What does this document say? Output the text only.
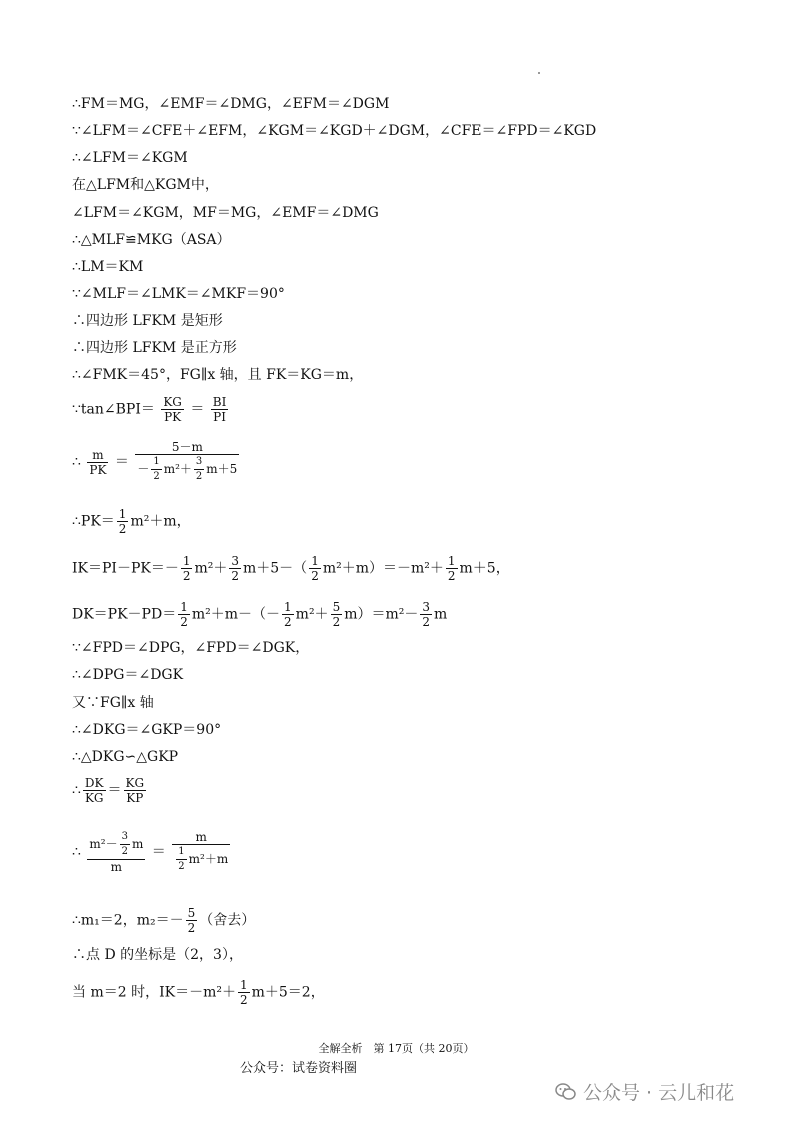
∴FM＝MG，∠EMF＝∠DMG，∠EFM＝∠DGM
∵∠LFM＝∠CFE＋∠EFM，∠KGM＝∠KGD＋∠DGM，∠CFE＝∠FPD＝∠KGD
∴∠LFM＝∠KGM
在△LFM和△KGM中，
∠LFM＝∠KGM，MF＝MG，∠EMF＝∠DMG
∴△MLF≌MKG（ASA）
∴LM＝KM
∵∠MLF＝∠LMK＝∠MKF＝90°
∴四边形 LFKM 是矩形
∴四边形 LFKM 是正方形
∴∠FMK＝45°，FG∥x 轴，且 FK＝KG＝m，
∵tan∠BPI＝ $\frac{KG}{PK} = \frac{BI}{PI}$
∴ $\frac{m}{PK} = \frac{5-m}{- \frac{1}{2} m^2+ \frac{3}{2} m+5}$
∴PK＝ $\frac{1}{2} m^2+m$，
$IK=PI-PK=- \frac{1}{2} m^2+ \frac{3}{2} m+5-( \frac{1}{2} m^2+m)=-m^2+ \frac{1}{2} m+5$，
$DK=PK-PD= \frac{1}{2} m^2+m-(- \frac{1}{2} m^2+ \frac{5}{2} m)=m^2- \frac{3}{2}$ m
∵∠FPD＝∠DPG，∠FPD＝∠DGK，
∴∠DPG＝∠DGK
又∵FG∥x 轴
∴∠DKG＝∠GKP＝90°
∴△DKG∽△GKP
∴ $\frac{DK}{KG} = \frac{KG}{KP}$
∴ $\frac{m^2- \frac{3}{2} m}{m} = \frac{m}{\frac{1}{2} m^2+m}$
∴m₁＝2，$m_2=- \frac{5}{2}$ （舍去）
∴点 D 的坐标是（2，3），
当 m＝2 时，$IK=-m^2+ \frac{1}{2} m+5=2$，
全解全析　第 17页（共 20页）
公众号：试卷资料圈
公众号 · 云儿和花
